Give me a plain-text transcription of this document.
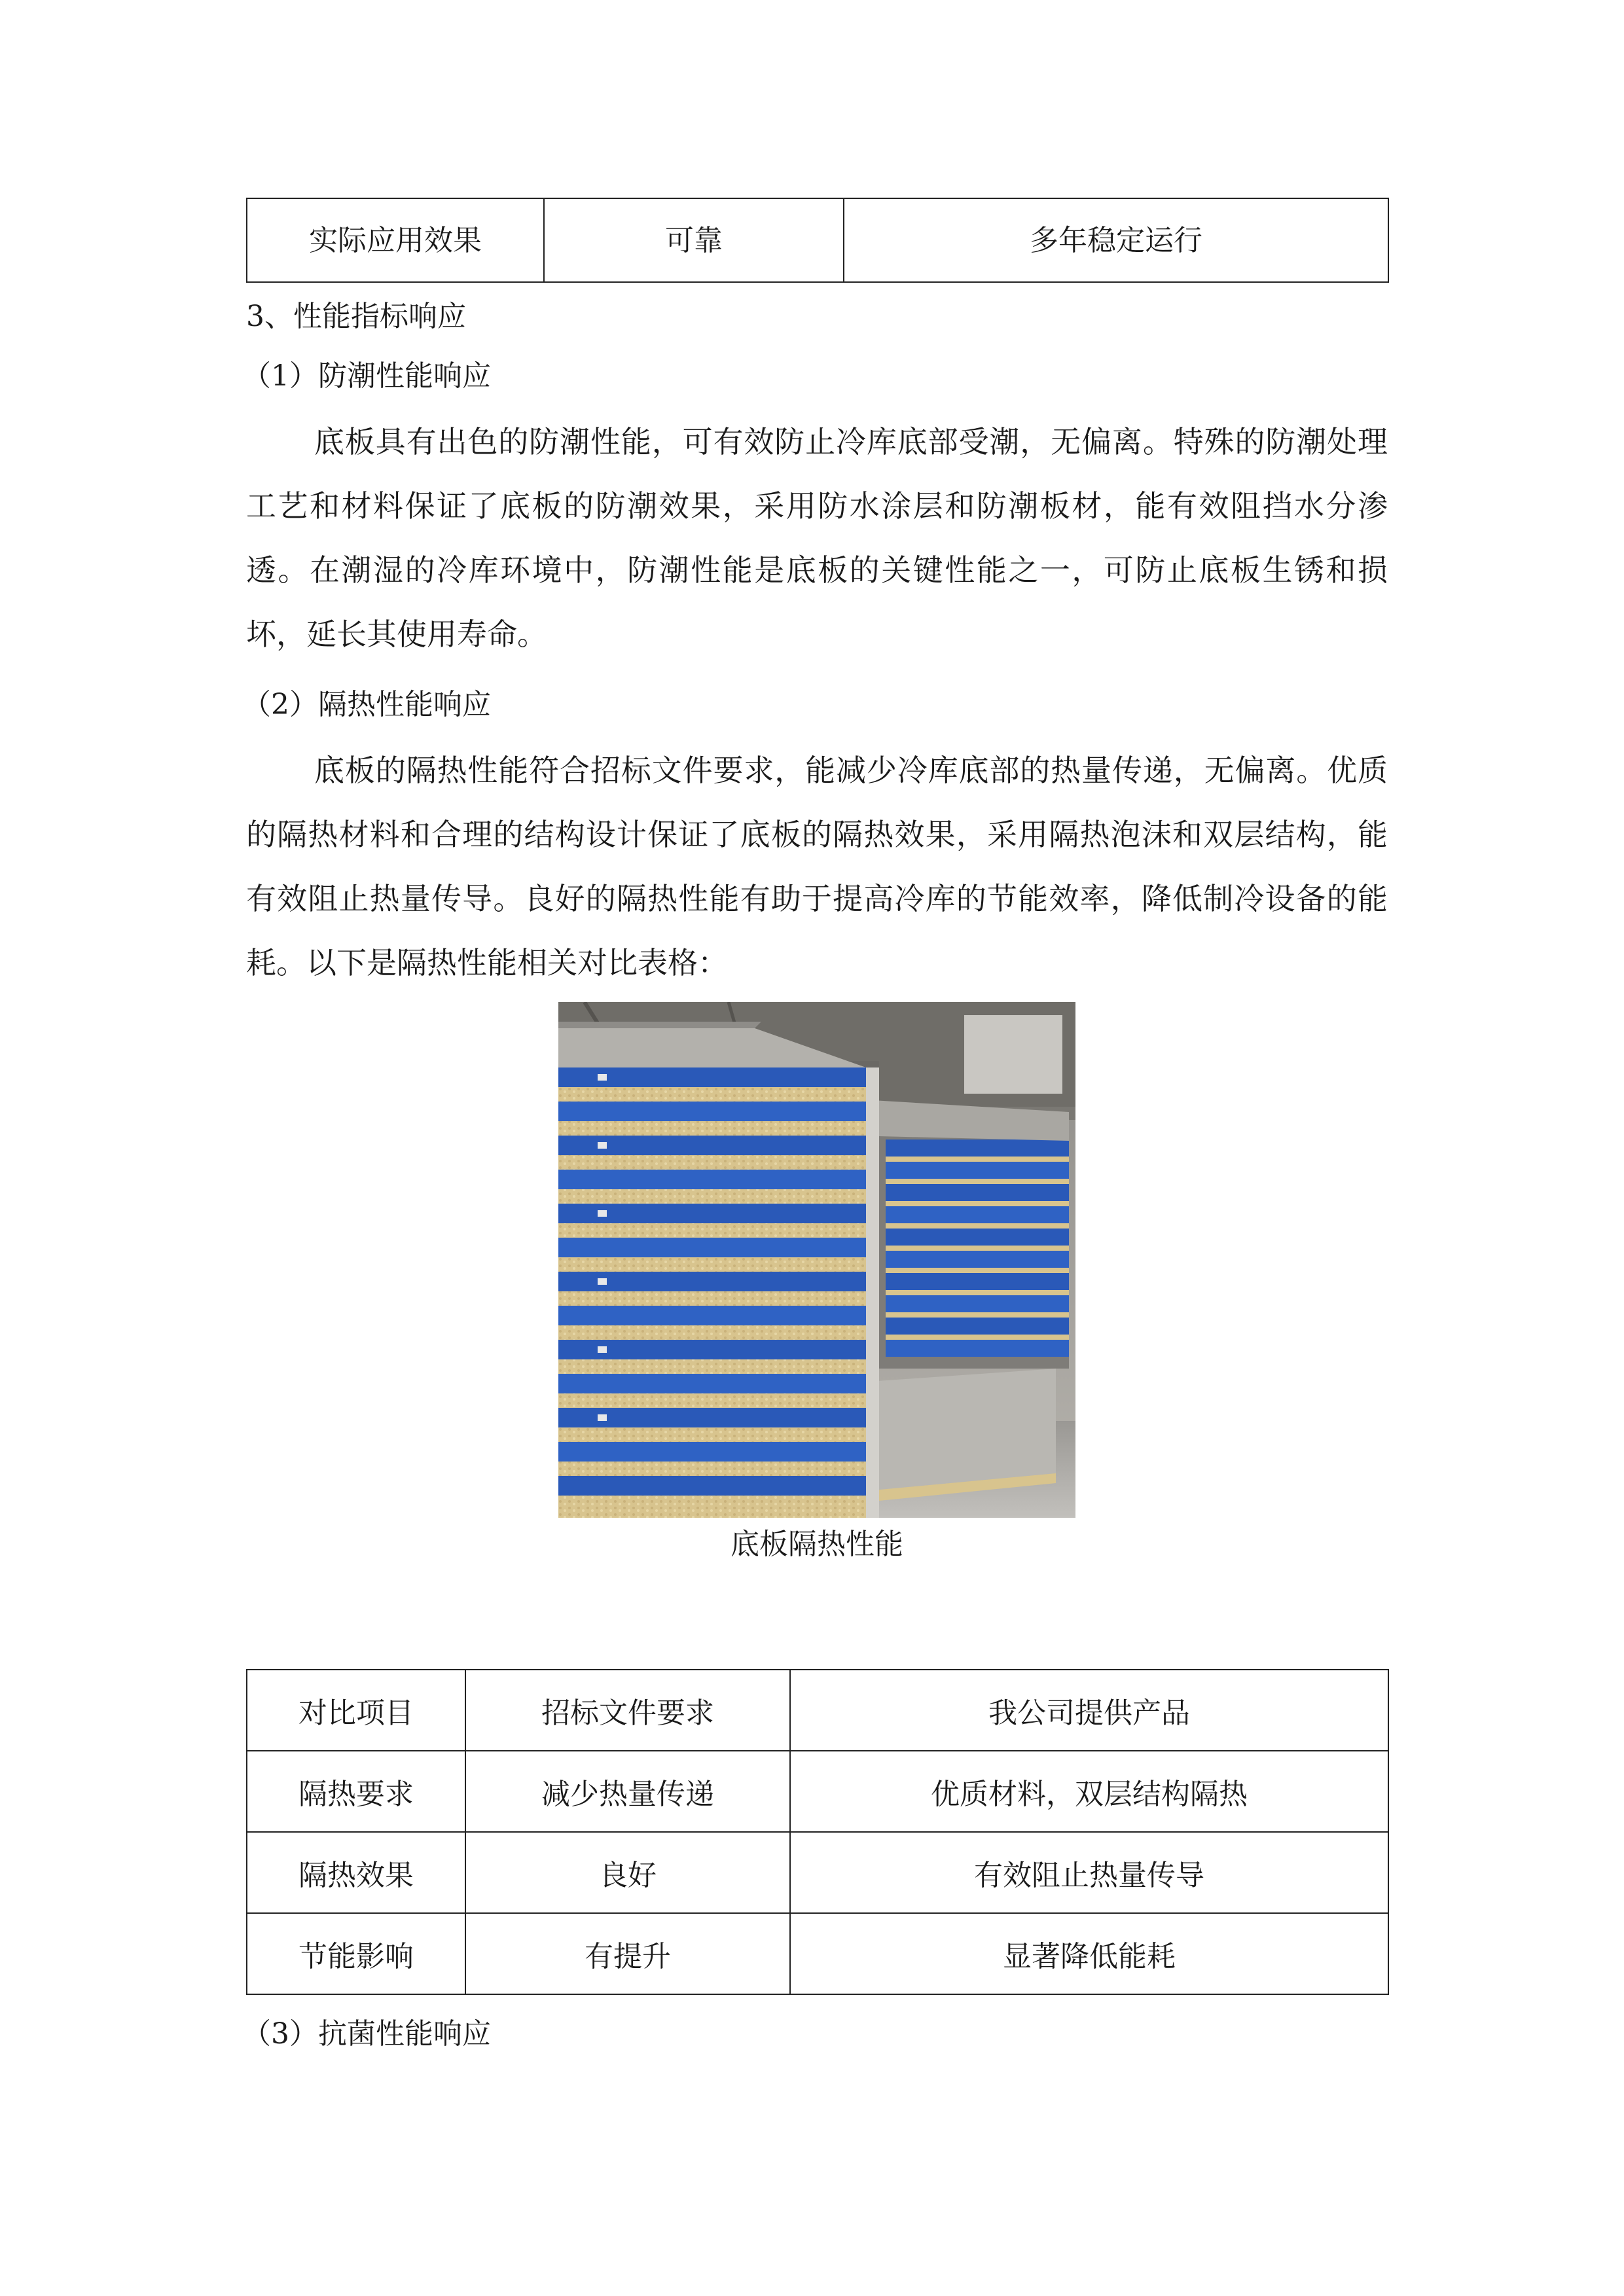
实际应用效果	可靠	多年稳定运行
3、性能指标响应
（1）防潮性能响应
底板具有出色的防潮性能，可有效防止冷库底部受潮，无偏离。特殊的防潮处理工艺和材料保证了底板的防潮效果，采用防水涂层和防潮板材，能有效阻挡水分渗透。在潮湿的冷库环境中，防潮性能是底板的关键性能之一，可防止底板生锈和损坏，延长其使用寿命。
（2）隔热性能响应
底板的隔热性能符合招标文件要求，能减少冷库底部的热量传递，无偏离。优质的隔热材料和合理的结构设计保证了底板的隔热效果，采用隔热泡沫和双层结构，能有效阻止热量传导。良好的隔热性能有助于提高冷库的节能效率，降低制冷设备的能耗。以下是隔热性能相关对比表格：
底板隔热性能
对比项目	招标文件要求	我公司提供产品
隔热要求	减少热量传递	优质材料，双层结构隔热
隔热效果	良好	有效阻止热量传导
节能影响	有提升	显著降低能耗
（3）抗菌性能响应
